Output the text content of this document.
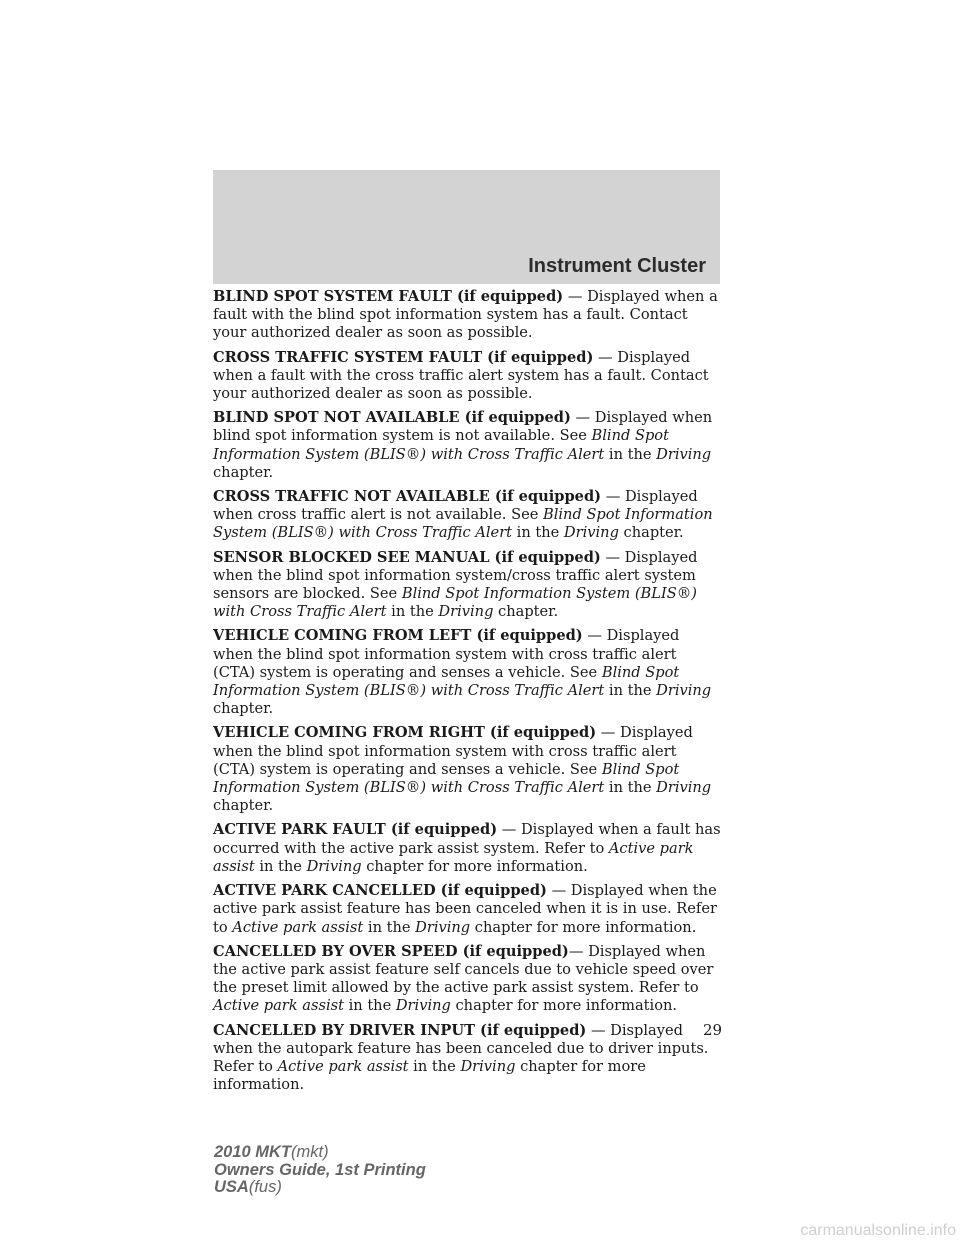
Instrument Cluster

BLIND SPOT SYSTEM FAULT (if equipped) — Displayed when a fault with the blind spot information system has a fault. Contact your authorized dealer as soon as possible.

CROSS TRAFFIC SYSTEM FAULT (if equipped) — Displayed when a fault with the cross traffic alert system has a fault. Contact your authorized dealer as soon as possible.

BLIND SPOT NOT AVAILABLE (if equipped) — Displayed when blind spot information system is not available. See Blind Spot Information System (BLIS®) with Cross Traffic Alert in the Driving chapter.

CROSS TRAFFIC NOT AVAILABLE (if equipped) — Displayed when cross traffic alert is not available. See Blind Spot Information System (BLIS®) with Cross Traffic Alert in the Driving chapter.

SENSOR BLOCKED SEE MANUAL (if equipped) — Displayed when the blind spot information system/cross traffic alert system sensors are blocked. See Blind Spot Information System (BLIS®) with Cross Traffic Alert in the Driving chapter.

VEHICLE COMING FROM LEFT (if equipped) — Displayed when the blind spot information system with cross traffic alert (CTA) system is operating and senses a vehicle. See Blind Spot Information System (BLIS®) with Cross Traffic Alert in the Driving chapter.

VEHICLE COMING FROM RIGHT (if equipped) — Displayed when the blind spot information system with cross traffic alert (CTA) system is operating and senses a vehicle. See Blind Spot Information System (BLIS®) with Cross Traffic Alert in the Driving chapter.

ACTIVE PARK FAULT (if equipped) — Displayed when a fault has occurred with the active park assist system. Refer to Active park assist in the Driving chapter for more information.

ACTIVE PARK CANCELLED (if equipped) — Displayed when the active park assist feature has been canceled when it is in use. Refer to Active park assist in the Driving chapter for more information.

CANCELLED BY OVER SPEED (if equipped)— Displayed when the active park assist feature self cancels due to vehicle speed over the preset limit allowed by the active park assist system. Refer to Active park assist in the Driving chapter for more information.

CANCELLED BY DRIVER INPUT (if equipped) — Displayed when the autopark feature has been canceled due to driver inputs. Refer to Active park assist in the Driving chapter for more information.

29
2010 MKT(mkt)
Owners Guide, 1st Printing
USA(fus)
carmanualsonline.info
